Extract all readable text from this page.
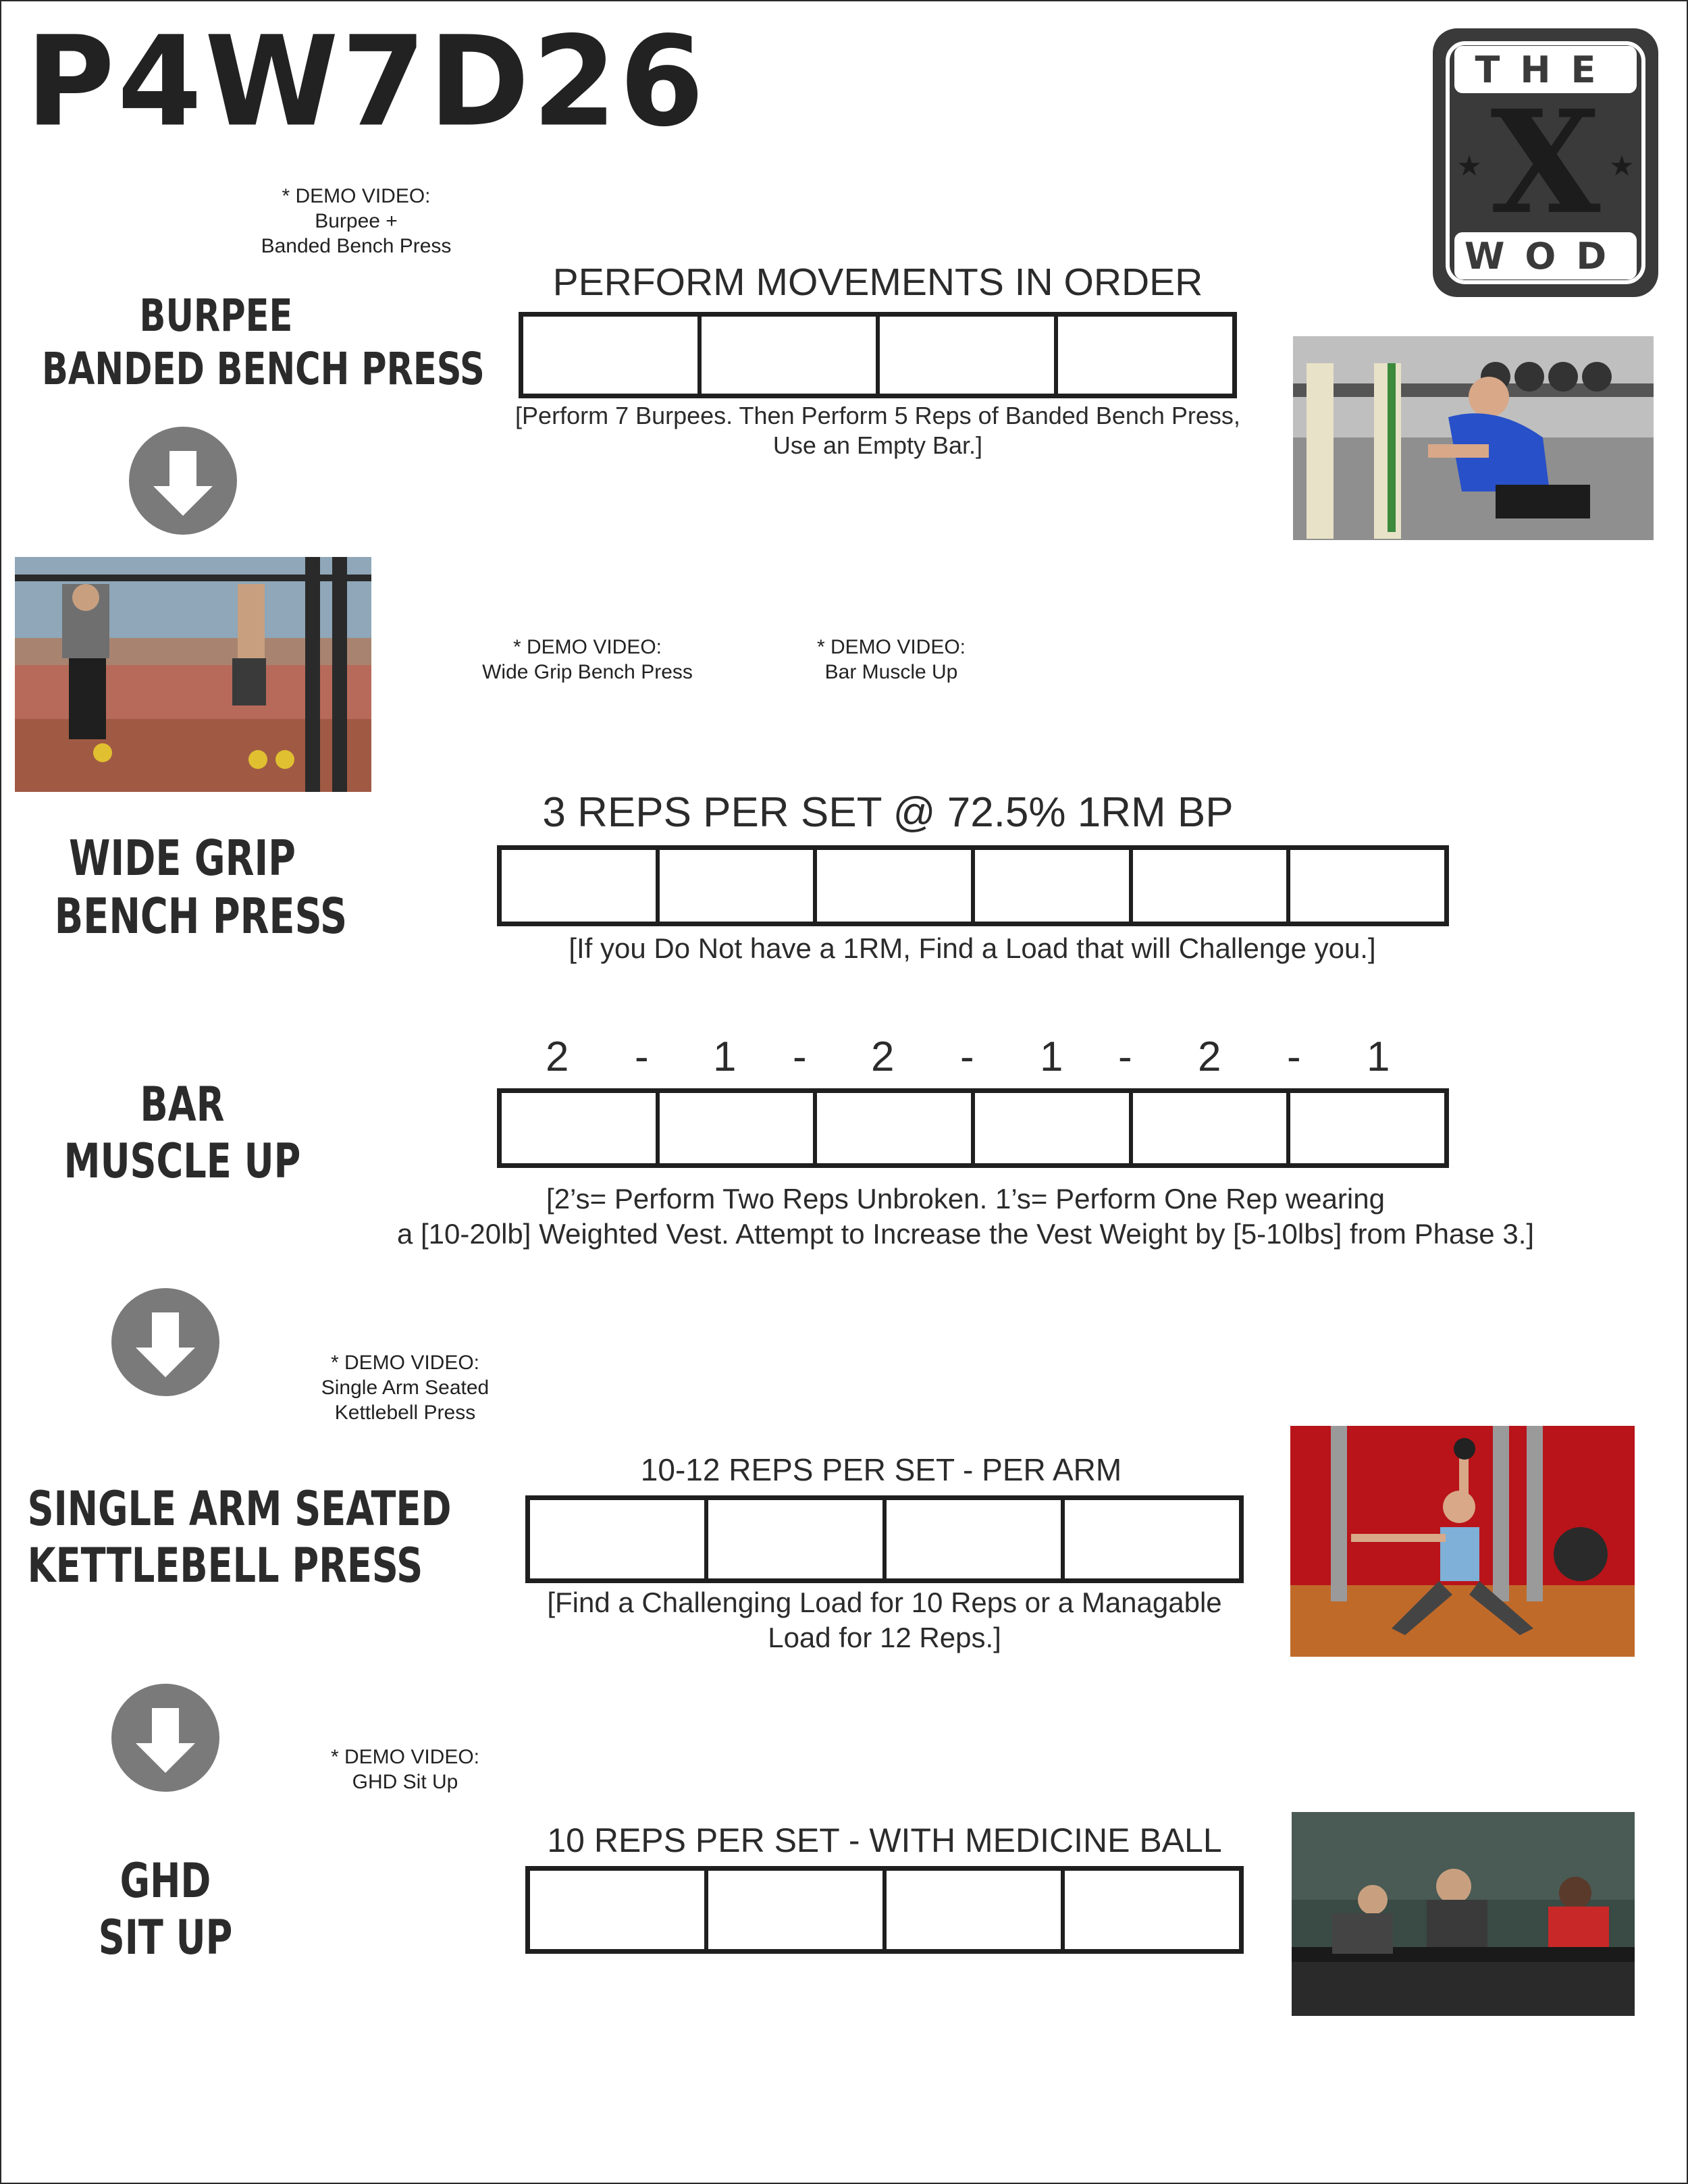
P4W7D26	THE
WOD
X
★	★
* DEMO VIDEO:
Burpee +
Banded Bench Press
BURPEE
BANDED BENCH PRESS
PERFORM MOVEMENTS IN ORDER
[Perform 7 Burpees. Then Perform 5 Reps of Banded Bench Press,
Use an Empty Bar.]
* DEMO VIDEO:
Wide Grip Bench Press
* DEMO VIDEO:
Bar Muscle Up
WIDE GRIP
BENCH PRESS
3 REPS PER SET @ 72.5% 1RM BP
[If you Do Not have a 1RM, Find a Load that will Challenge you.]
BAR
MUSCLE UP
2 - 1 - 2 - 1 - 2 - 1
[2’s= Perform Two Reps Unbroken. 1’s= Perform One Rep wearing
a [10-20lb] Weighted Vest. Attempt to Increase the Vest Weight by [5-10lbs] from Phase 3.]
* DEMO VIDEO:
Single Arm Seated
Kettlebell Press
SINGLE ARM SEATED
KETTLEBELL PRESS
10-12 REPS PER SET - PER ARM
[Find a Challenging Load for 10 Reps or a Managable
Load for 12 Reps.]
* DEMO VIDEO:
GHD Sit Up
GHD
SIT UP
10 REPS PER SET - WITH MEDICINE BALL
